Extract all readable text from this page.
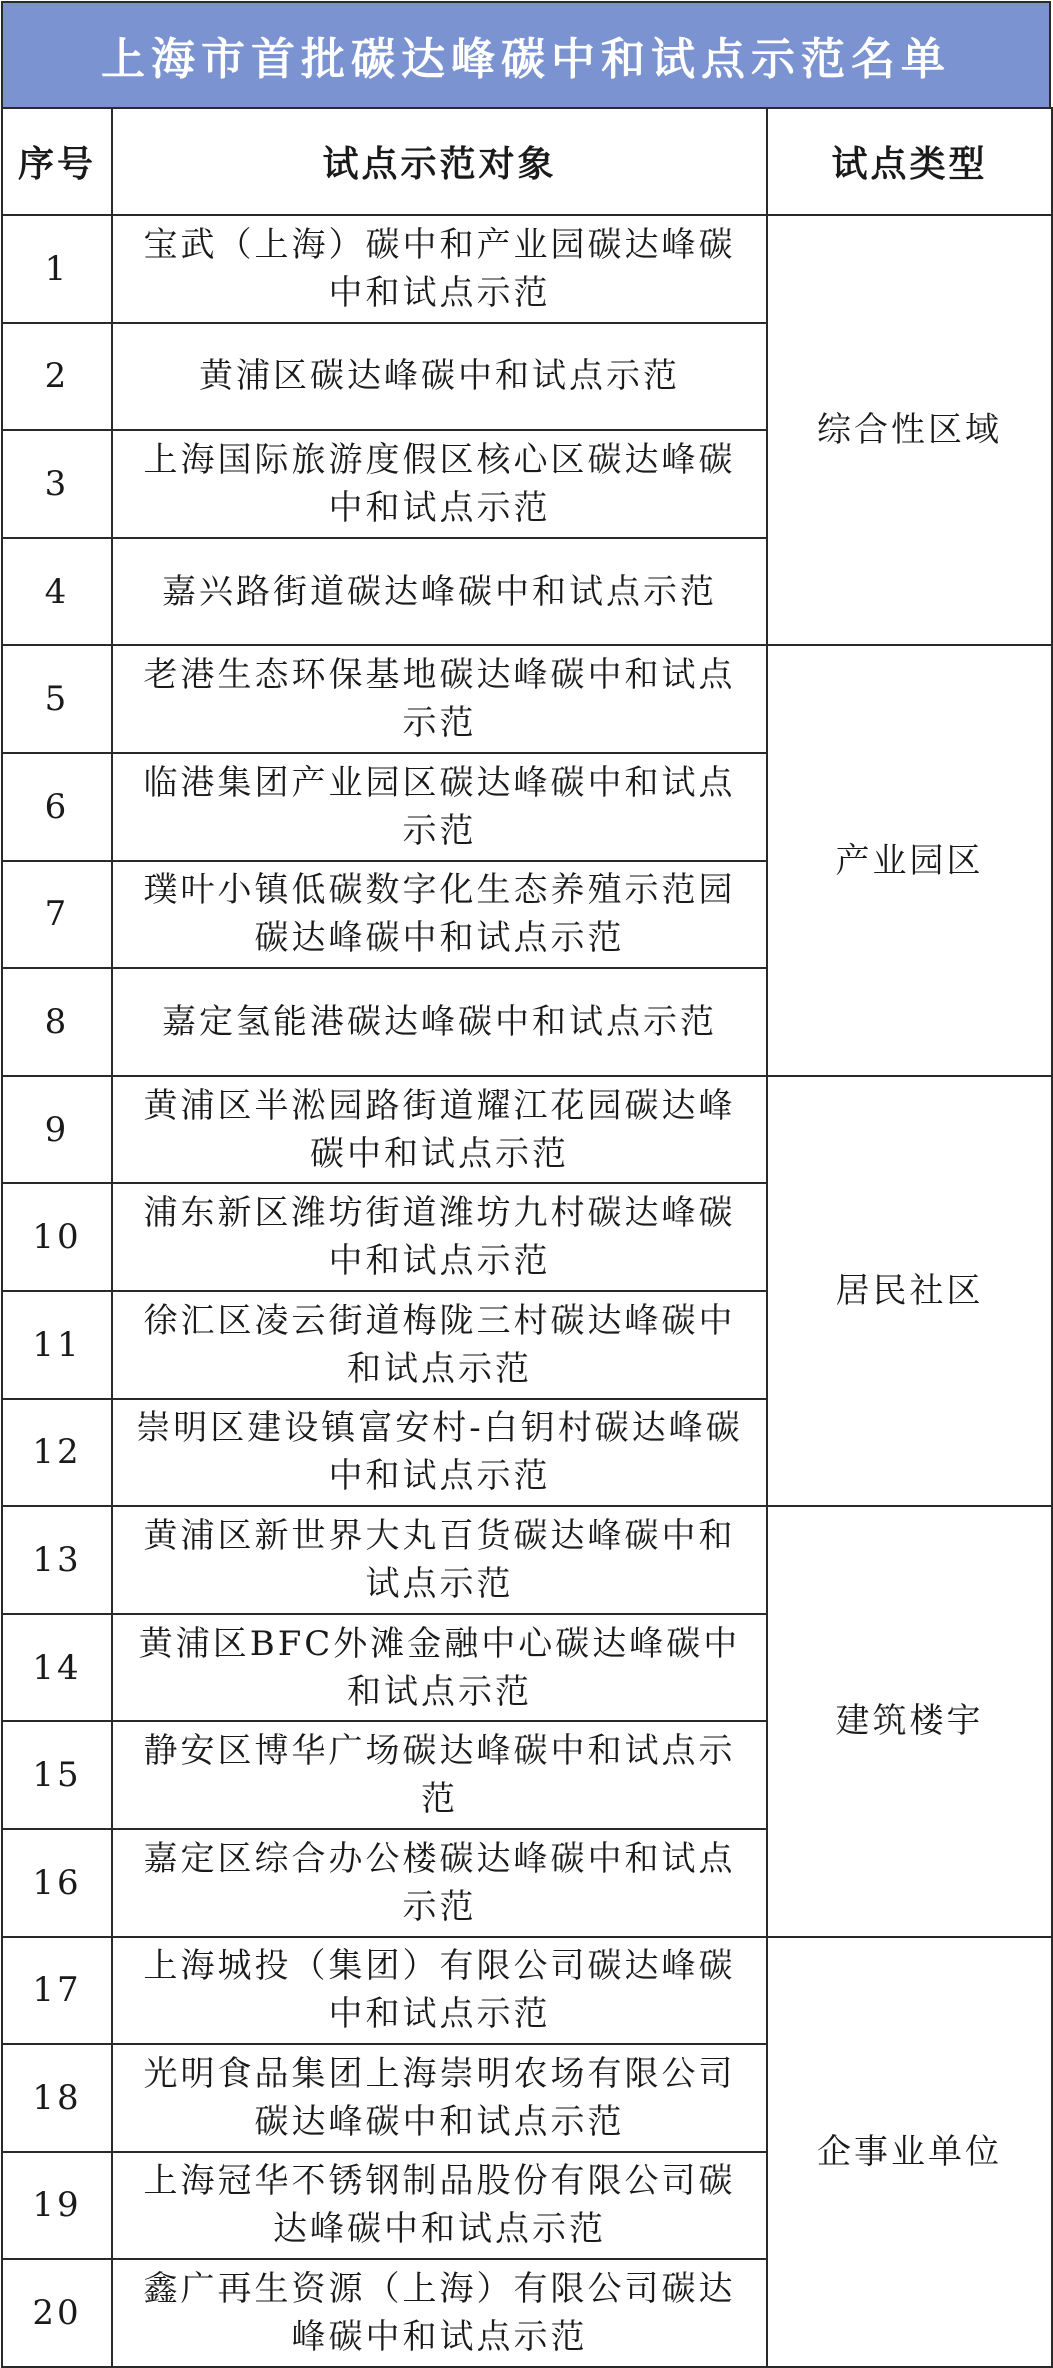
上海市首批碳达峰碳中和试点示范名单
序号	试点示范对象	试点类型
1	宝武（上海）碳中和产业园碳达峰碳中和试点示范	综合性区域
2	黄浦区碳达峰碳中和试点示范	
3	上海国际旅游度假区核心区碳达峰碳中和试点示范	
4	嘉兴路街道碳达峰碳中和试点示范	
5	老港生态环保基地碳达峰碳中和试点示范	产业园区
6	临港集团产业园区碳达峰碳中和试点示范	
7	璞叶小镇低碳数字化生态养殖示范园碳达峰碳中和试点示范	
8	嘉定氢能港碳达峰碳中和试点示范	
9	黄浦区半淞园路街道耀江花园碳达峰碳中和试点示范	居民社区
10	浦东新区潍坊街道潍坊九村碳达峰碳中和试点示范	
11	徐汇区凌云街道梅陇三村碳达峰碳中和试点示范	
12	崇明区建设镇富安村-白钥村碳达峰碳中和试点示范	
13	黄浦区新世界大丸百货碳达峰碳中和试点示范	建筑楼宇
14	黄浦区BFC外滩金融中心碳达峰碳中和试点示范	
15	静安区博华广场碳达峰碳中和试点示范	
16	嘉定区综合办公楼碳达峰碳中和试点示范	
17	上海城投（集团）有限公司碳达峰碳中和试点示范	企事业单位
18	光明食品集团上海崇明农场有限公司碳达峰碳中和试点示范	
19	上海冠华不锈钢制品股份有限公司碳达峰碳中和试点示范	
20	鑫广再生资源（上海）有限公司碳达峰碳中和试点示范	
